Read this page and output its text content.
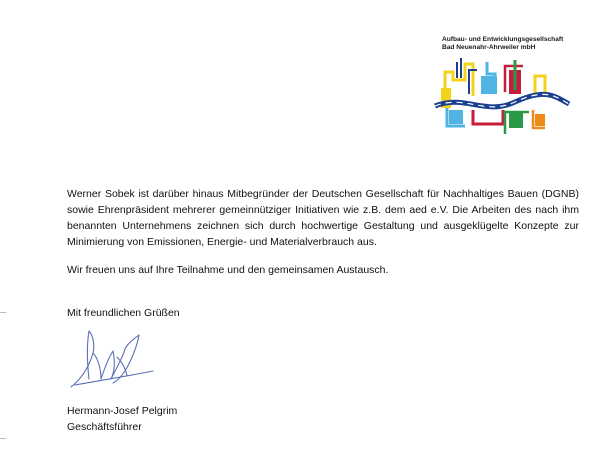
Aufbau- und Entwicklungsgesellschaft
Bad Neuenahr-Ahrweiler mbH

Werner Sobek ist darüber hinaus Mitbegründer der Deutschen Gesellschaft für Nachhaltiges Bauen (DGNB) sowie Ehrenpräsident mehrerer gemeinnütziger Initiativen wie z.B. dem aed e.V. Die Arbeiten des nach ihm benannten Unternehmens zeichnen sich durch hochwertige Gestaltung und ausgeklügelte Konzepte zur Minimierung von Emissionen, Energie- und Materialverbrauch aus.

Wir freuen uns auf Ihre Teilnahme und den gemeinsamen Austausch.

Mit freundlichen Grüßen

Hermann-Josef Pelgrim

Geschäftsführer
